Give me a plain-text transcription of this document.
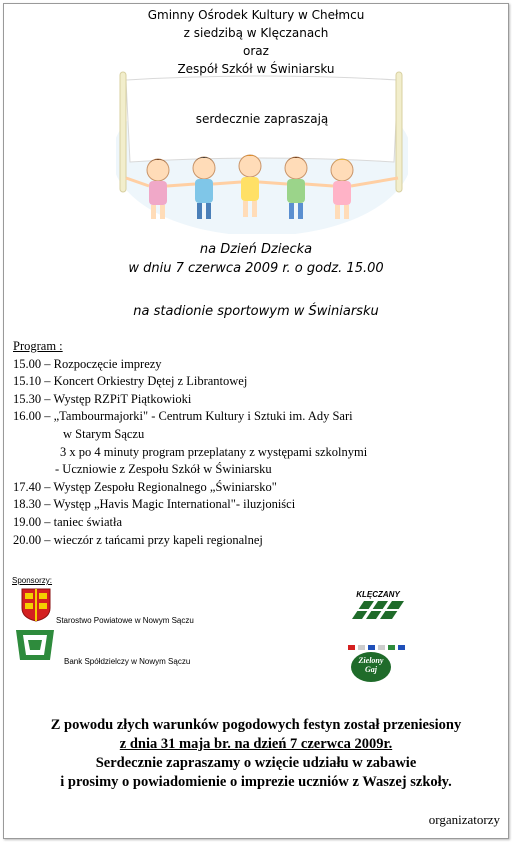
Gminny Ośrodek Kultury w Chełmcu
z siedzibą w Klęczanach
oraz
Zespół Szkół w Świniarsku
serdecznie zapraszają
na Dzień Dziecka
w dniu 7 czerwca 2009 r. o godz. 15.00
na stadionie sportowym w Świniarsku
Program :
15.00 – Rozpoczęcie imprezy
15.10 – Koncert Orkiestry Dętej z Librantowej
15.30 – Występ RZPiT Piątkowioki
16.00 – „Tambourmajorki" - Centrum Kultury i Sztuki im. Ady Sari
w Starym Sączu
3 x po 4 minuty program przeplatany z występami szkolnymi
- Uczniowie z Zespołu Szkół w Świniarsku
17.40 – Występ Zespołu Regionalnego „Świniarsko"
18.30 – Występ „Havis Magic International"- iluzjoniści
19.00 – taniec światła
20.00 – wieczór z tańcami przy kapeli regionalnej
Sponsorzy:
Starostwo Powiatowe w Nowym Sączu
Bank Spółdzielczy w Nowym Sączu
KLĘCZANY
Zielony
Gaj
Z powodu złych warunków pogodowych festyn został przeniesiony
z dnia 31 maja br. na dzień 7 czerwca 2009r.
Serdecznie zapraszamy o wzięcie udziału w zabawie
i prosimy o powiadomienie o imprezie uczniów z Waszej szkoły.
organizatorzy
